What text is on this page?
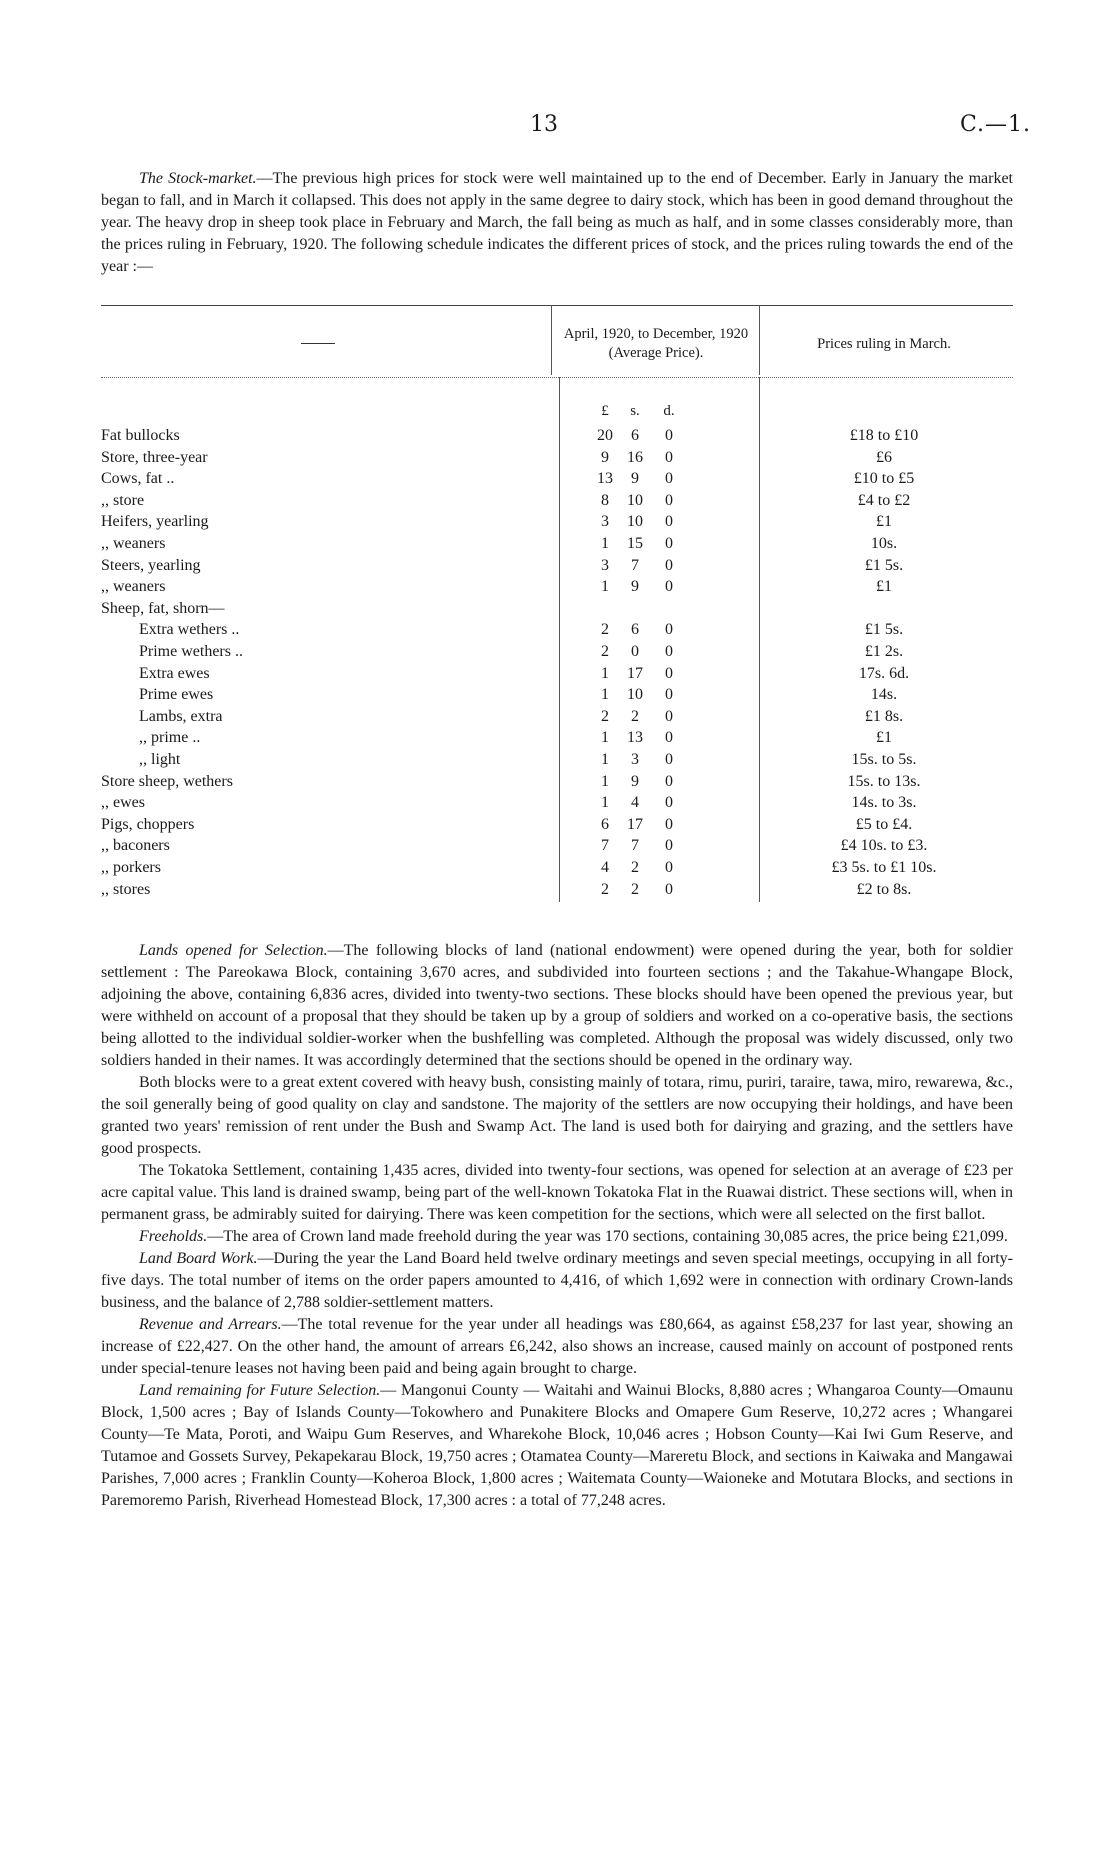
13	C.—1.

The Stock-market.—The previous high prices for stock were well maintained up to the end of December. Early in January the market began to fall, and in March it collapsed. This does not apply in the same degree to dairy stock, which has been in good demand throughout the year. The heavy drop in sheep took place in February and March, the fall being as much as half, and in some classes considerably more, than the prices ruling in February, 1920. The following schedule indicates the different prices of stock, and the prices ruling towards the end of the year :—

April, 1920, to December, 1920 (Average Price).
Prices ruling in March.
£	s.	d.
Fat bullocks	20	6	0	£18 to £10
Store, three-year	9	16	0	£6
Cows, fat ..	13	9	0	£10 to £5
,, store	8	10	0	£4 to £2
Heifers, yearling	3	10	0	£1
,, weaners	1	15	0	10s.
Steers, yearling	3	7	0	£1 5s.
,, weaners	1	9	0	£1
Sheep, fat, shorn—
Extra wethers ..	2	6	0	£1 5s.
Prime wethers ..	2	0	0	£1 2s.
Extra ewes	1	17	0	17s. 6d.
Prime ewes	1	10	0	14s.
Lambs, extra	2	2	0	£1 8s.
,, prime ..	1	13	0	£1
,, light	1	3	0	15s. to 5s.
Store sheep, wethers	1	9	0	15s. to 13s.
,, ewes	1	4	0	14s. to 3s.
Pigs, choppers	6	17	0	£5 to £4.
,, baconers	7	7	0	£4 10s. to £3.
,, porkers	4	2	0	£3 5s. to £1 10s.
,, stores	2	2	0	£2 to 8s.

Lands opened for Selection.—The following blocks of land (national endowment) were opened during the year, both for soldier settlement : The Pareokawa Block, containing 3,670 acres, and subdivided into fourteen sections ; and the Takahue-Whangape Block, adjoining the above, containing 6,836 acres, divided into twenty-two sections. These blocks should have been opened the previous year, but were withheld on account of a proposal that they should be taken up by a group of soldiers and worked on a co-operative basis, the sections being allotted to the individual soldier-worker when the bushfelling was completed. Although the proposal was widely discussed, only two soldiers handed in their names. It was accordingly determined that the sections should be opened in the ordinary way.

Both blocks were to a great extent covered with heavy bush, consisting mainly of totara, rimu, puriri, taraire, tawa, miro, rewarewa, &c., the soil generally being of good quality on clay and sandstone. The majority of the settlers are now occupying their holdings, and have been granted two years' remission of rent under the Bush and Swamp Act. The land is used both for dairying and grazing, and the settlers have good prospects.

The Tokatoka Settlement, containing 1,435 acres, divided into twenty-four sections, was opened for selection at an average of £23 per acre capital value. This land is drained swamp, being part of the well-known Tokatoka Flat in the Ruawai district. These sections will, when in permanent grass, be admirably suited for dairying. There was keen competition for the sections, which were all selected on the first ballot.

Freeholds.—The area of Crown land made freehold during the year was 170 sections, containing 30,085 acres, the price being £21,099.

Land Board Work.—During the year the Land Board held twelve ordinary meetings and seven special meetings, occupying in all forty-five days. The total number of items on the order papers amounted to 4,416, of which 1,692 were in connection with ordinary Crown-lands business, and the balance of 2,788 soldier-settlement matters.

Revenue and Arrears.—The total revenue for the year under all headings was £80,664, as against £58,237 for last year, showing an increase of £22,427. On the other hand, the amount of arrears £6,242, also shows an increase, caused mainly on account of postponed rents under special-tenure leases not having been paid and being again brought to charge.

Land remaining for Future Selection.— Mangonui County — Waitahi and Wainui Blocks, 8,880 acres ; Whangaroa County—Omaunu Block, 1,500 acres ; Bay of Islands County—Tokowhero and Punakitere Blocks and Omapere Gum Reserve, 10,272 acres ; Whangarei County—Te Mata, Poroti, and Waipu Gum Reserves, and Wharekohe Block, 10,046 acres ; Hobson County—Kai Iwi Gum Reserve, and Tutamoe and Gossets Survey, Pekapekarau Block, 19,750 acres ; Otamatea County—Mareretu Block, and sections in Kaiwaka and Mangawai Parishes, 7,000 acres ; Franklin County—Koheroa Block, 1,800 acres ; Waitemata County—Waioneke and Motutara Blocks, and sections in Paremoremo Parish, Riverhead Homestead Block, 17,300 acres : a total of 77,248 acres.
